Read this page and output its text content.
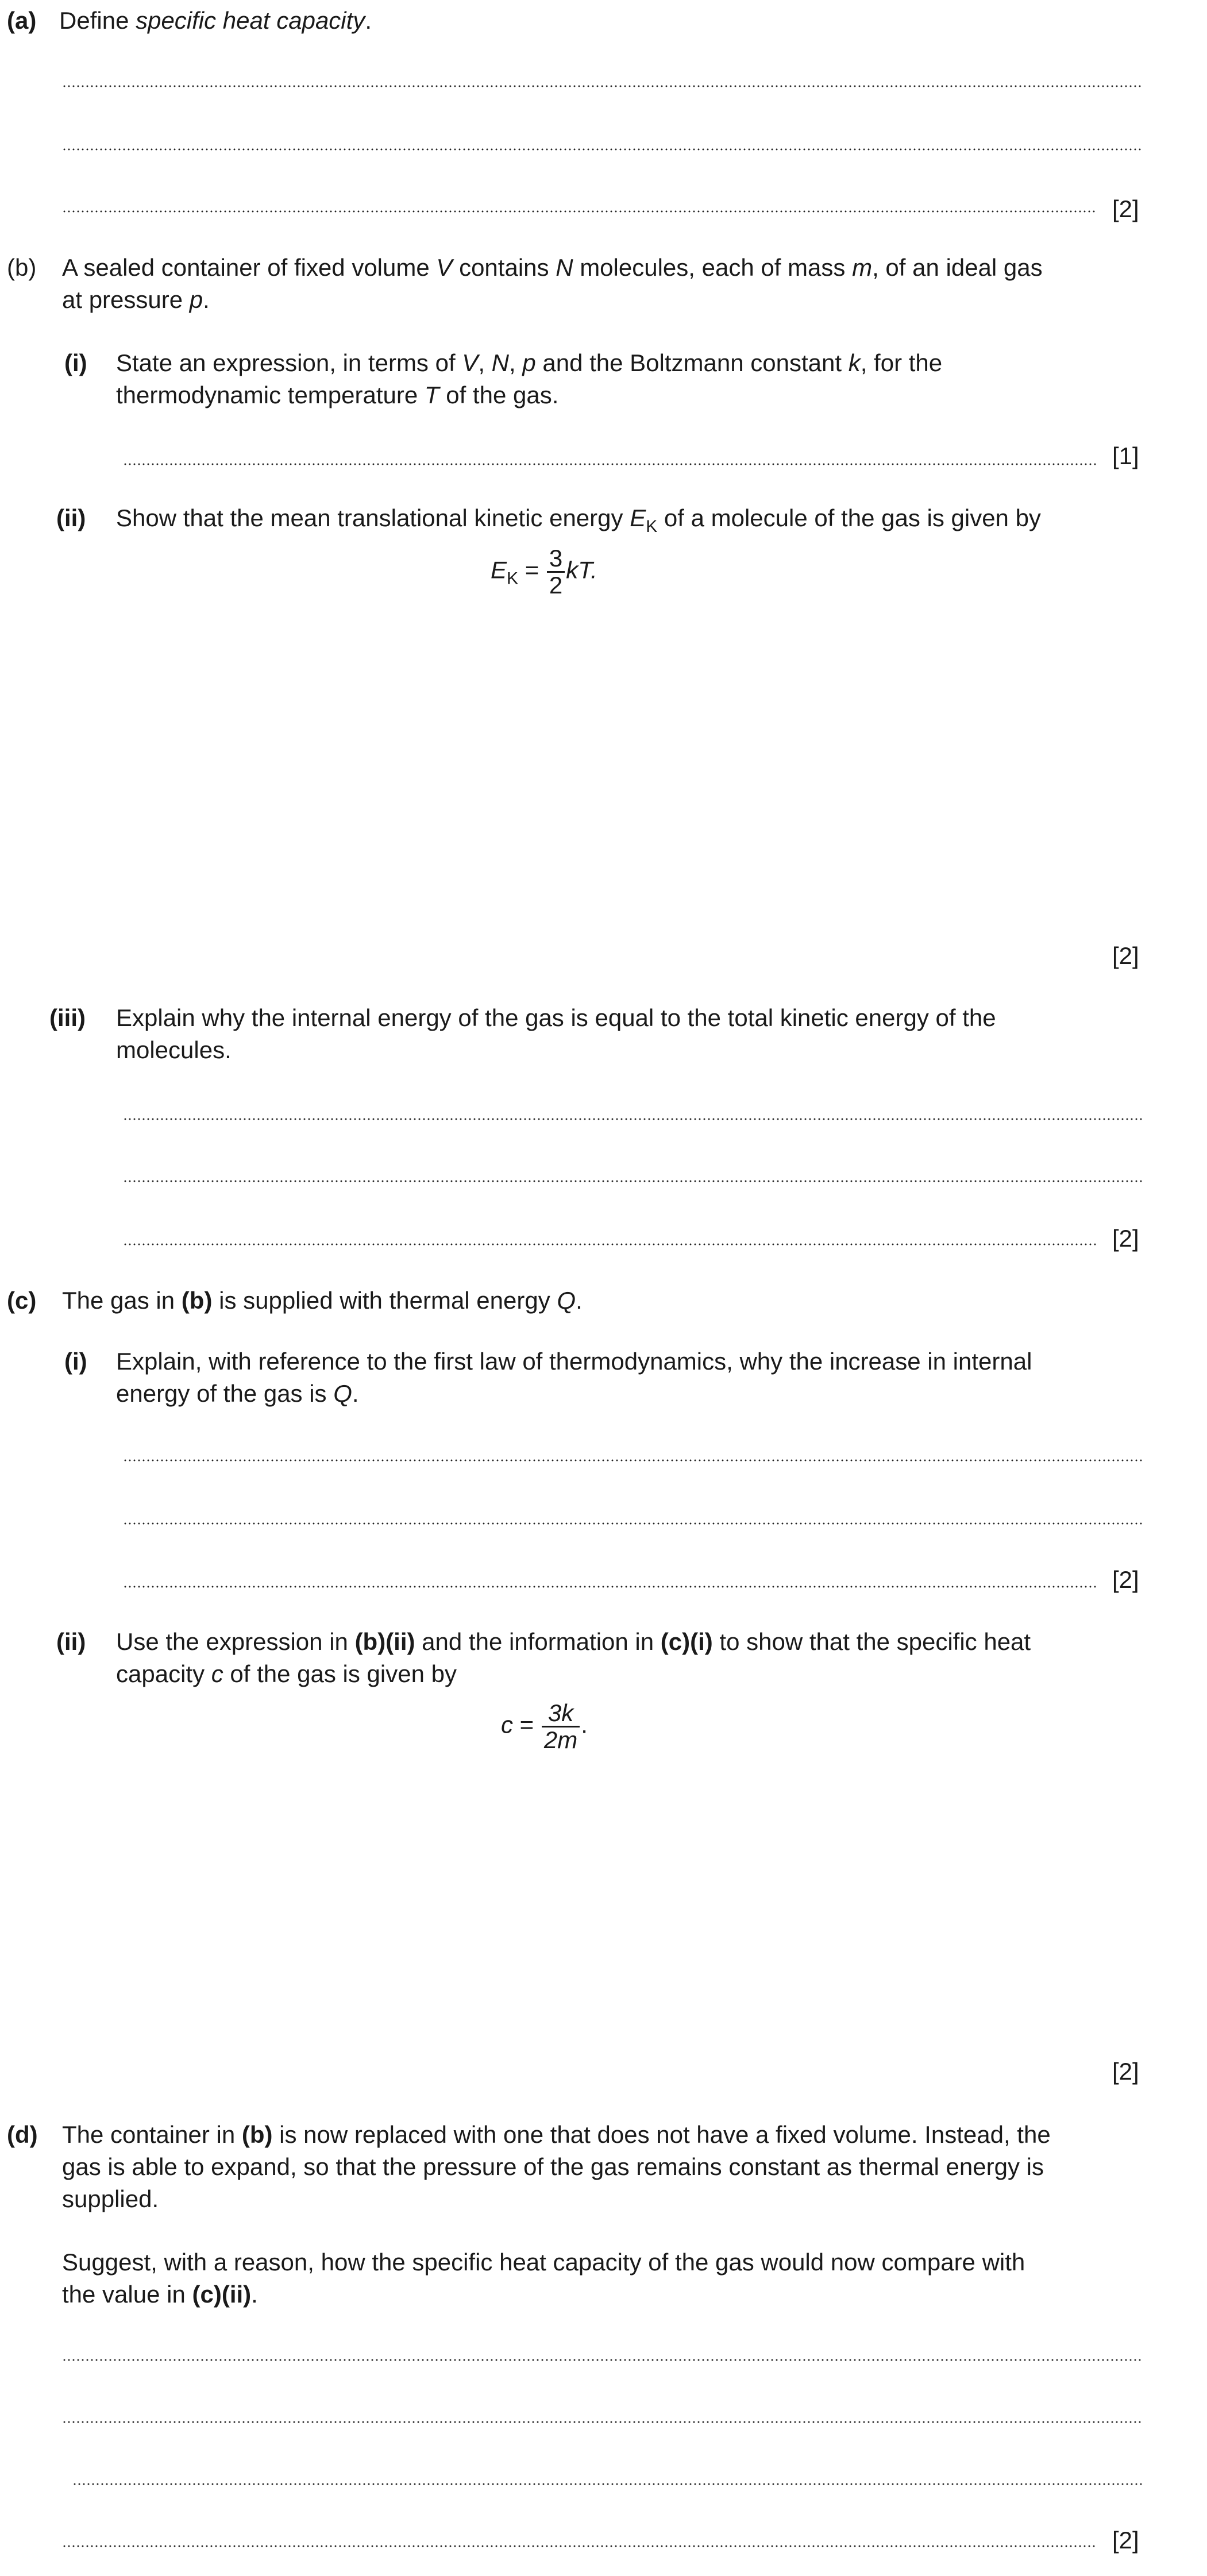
(a) Define specific heat capacity.
[2]
(b) A sealed container of fixed volume V contains N molecules, each of mass m, of an ideal gas
at pressure p.
(i) State an expression, in terms of V, N, p and the Boltzmann constant k, for the
thermodynamic temperature T of the gas.
[1]
(ii) Show that the mean translational kinetic energy $E_K$ of a molecule of the gas is given by
$E_K = \frac{3}{2}$ kT.
[2]
(iii) Explain why the internal energy of the gas is equal to the total kinetic energy of the
molecules.
[2]
(c) The gas in (b) is supplied with thermal energy Q.
(i) Explain, with reference to the first law of thermodynamics, why the increase in internal
energy of the gas is Q.
[2]
(ii) Use the expression in (b)(ii) and the information in (c)(i) to show that the specific heat
capacity c of the gas is given by
$c = \frac{3k}{2m}$ .
[2]
(d) The container in (b) is now replaced with one that does not have a fixed volume. Instead, the
gas is able to expand, so that the pressure of the gas remains constant as thermal energy is
supplied.
Suggest, with a reason, how the specific heat capacity of the gas would now compare with
the value in (c)(ii).
[2]
